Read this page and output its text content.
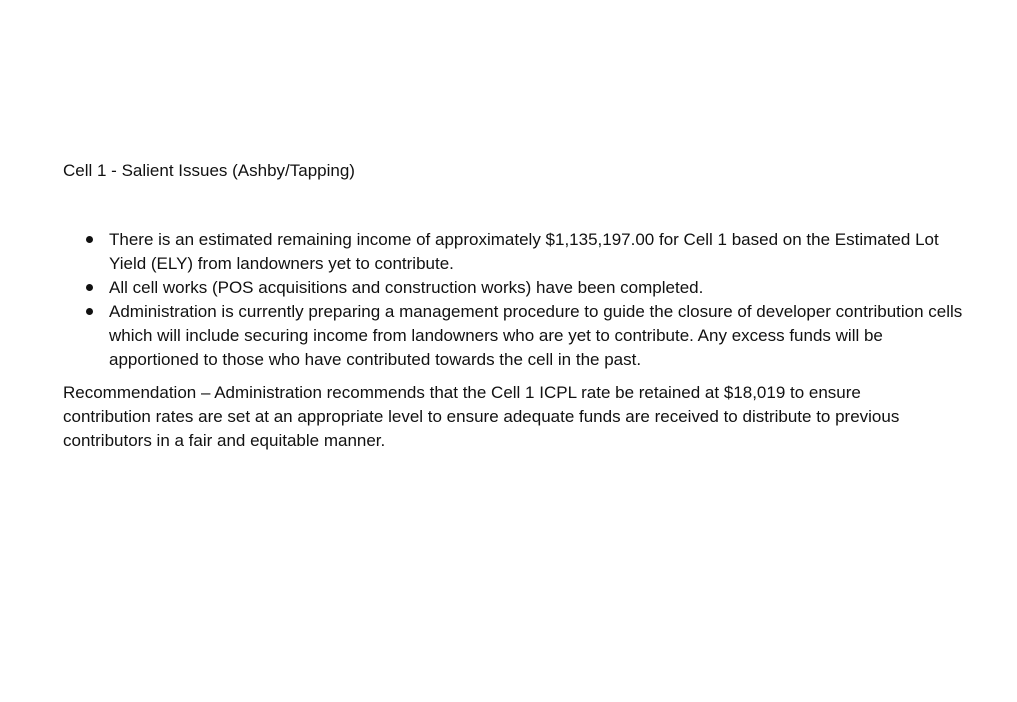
Cell 1 - Salient Issues (Ashby/Tapping)
There is an estimated remaining income of approximately $1,135,197.00 for Cell 1 based on the Estimated Lot Yield (ELY) from landowners yet to contribute.
All cell works (POS acquisitions and construction works) have been completed.
Administration is currently preparing a management procedure to guide the closure of developer contribution cells which will include securing income from landowners who are yet to contribute. Any excess funds will be apportioned to those who have contributed towards the cell in the past.

Recommendation – Administration recommends that the Cell 1 ICPL rate be retained at $18,019 to ensure contribution rates are set at an appropriate level to ensure adequate funds are received to distribute to previous contributors in a fair and equitable manner.
